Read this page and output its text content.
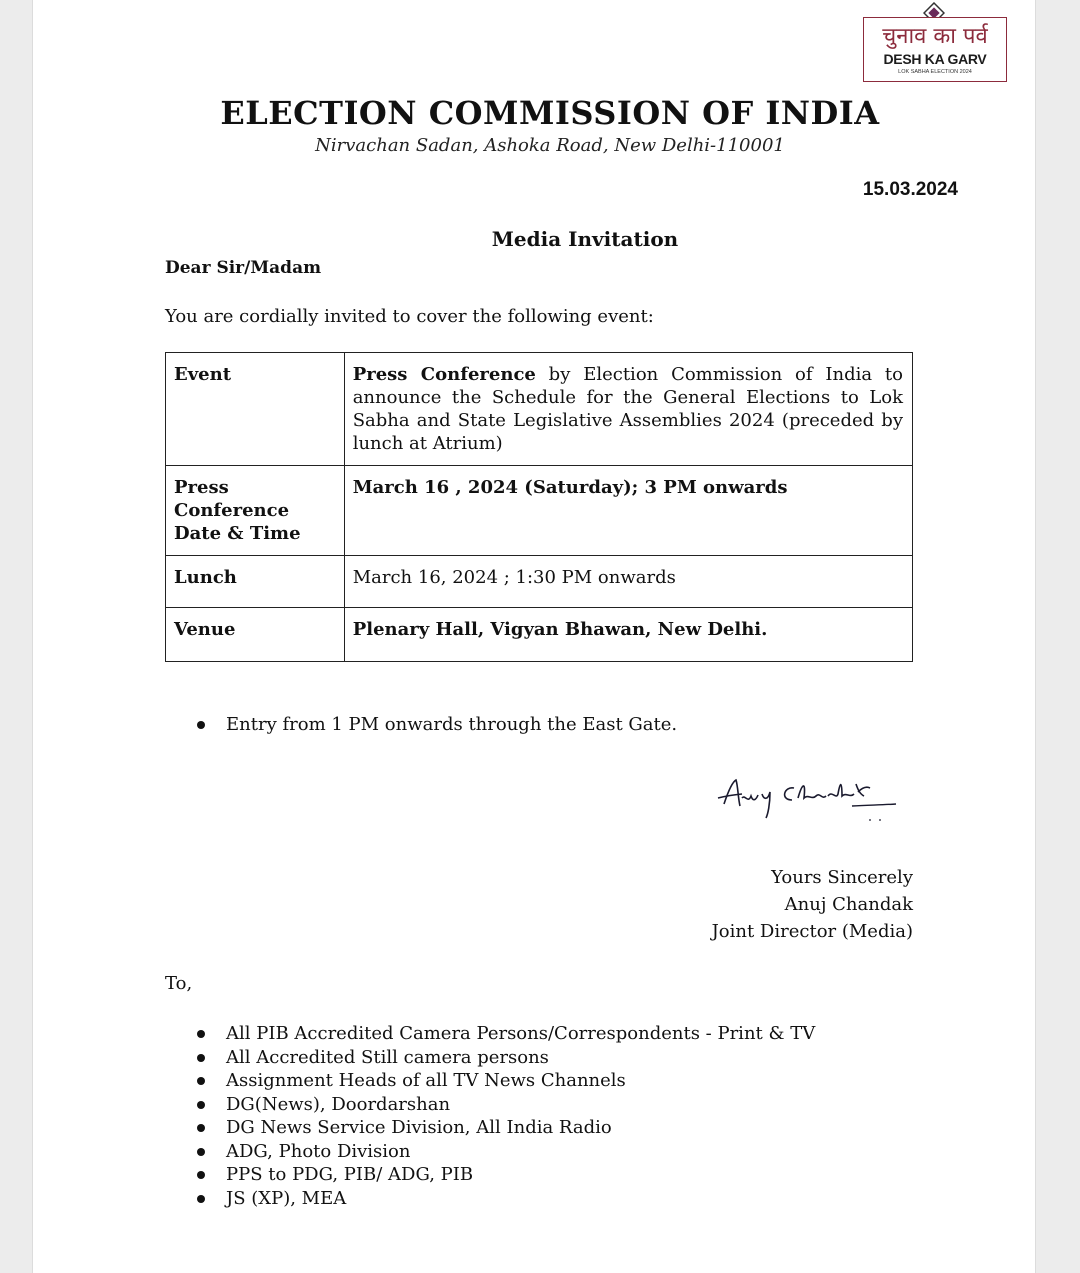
चुनाव का पर्व
DESH KA GARV
LOK SABHA ELECTION 2024
ELECTION COMMISSION OF INDIA
Nirvachan Sadan, Ashoka Road, New Delhi-110001
15.03.2024
Media Invitation
Dear Sir/Madam
You are cordially invited to cover the following event:
Event	Press Conference by Election Commission of India to announce the Schedule for the General Elections to Lok Sabha and State Legislative Assemblies 2024 (preceded by lunch at Atrium)
Press Conference Date & Time	March 16 , 2024 (Saturday); 3 PM onwards
Lunch	March 16, 2024 ; 1:30 PM onwards
Venue	Plenary Hall, Vigyan Bhawan, New Delhi.
Entry from 1 PM onwards through the East Gate.
Yours Sincerely
Anuj Chandak
Joint Director (Media)
To,
All PIB Accredited Camera Persons/Correspondents - Print & TV
All Accredited Still camera persons
Assignment Heads of all TV News Channels
DG(News), Doordarshan
DG News Service Division, All India Radio
ADG, Photo Division
PPS to PDG, PIB/ ADG, PIB
JS (XP), MEA
